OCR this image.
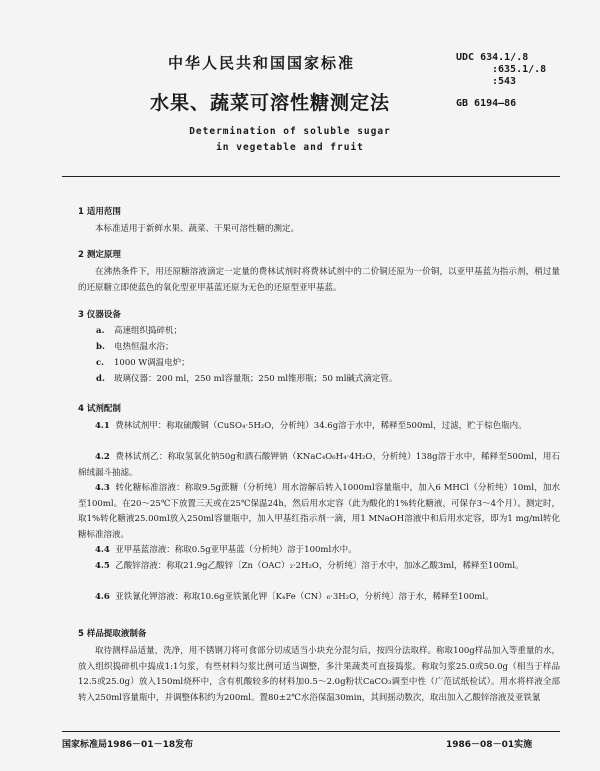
中华人民共和国国家标准	UDC 634.1/.8
:635.1/.8
:543
水果、蔬菜可溶性糖测定法	GB 6194—86
Determination of soluble sugar
in vegetable and fruit
1 适用范围
本标准适用于新鲜水果、蔬菜、干果可溶性糖的测定。
2 测定原理
在沸热条件下，用还原糖溶液滴定一定量的费林试剂时将费林试剂中的二价铜还原为一价铜，以亚甲基蓝为指示剂，稍过量的还原糖立即使蓝色的氧化型亚甲基蓝还原为无色的还原型亚甲基蓝。
3 仪器设备
a. 高速组织捣碎机；
b. 电热恒温水浴；
c. 1000 W调温电炉；
d. 玻璃仪器：200 ml，250 ml容量瓶；250 ml锥形瓶；50 ml碱式滴定管。
4 试剂配制
4.1 费林试剂甲：称取硫酸铜（CuSO₄·5H₂O，分析纯）34.6g溶于水中，稀释至500ml，过滤，贮于棕色瓶内。
4.2 费林试剂乙：称取氢氧化钠50g和酒石酸钾钠（KNaC₄O₆H₄·4H₂O，分析纯）138g溶于水中，稀释至500ml，用石棉绒漏斗抽滤。
4.3 转化糖标准溶液：称取9.5g蔗糖（分析纯）用水溶解后转入1000ml容量瓶中，加入6 MHCl（分析纯）10ml，加水至100ml。在20～25℃下放置三天或在25℃保温24h，然后用水定容（此为酸化的1%转化糖液，可保存3～4个月）。测定时，取1%转化糖液25.00ml放入250ml容量瓶中，加入甲基红指示剂一滴，用1 MNaOH溶液中和后用水定容，即为1 mg/ml转化糖标准溶液。
4.4 亚甲基蓝溶液：称取0.5g亚甲基蓝（分析纯）溶于100ml水中。
4.5 乙酸锌溶液：称取21.9g乙酸锌〔Zn（OAC）₂·2H₂O，分析纯〕溶于水中，加冰乙酸3ml，稀释至100ml。
4.6 亚铁氰化钾溶液：称取10.6g亚铁氰化钾〔K₄Fe（CN）₆·3H₂O，分析纯〕溶于水，稀释至100ml。
5 样品提取液制备
取待测样品适量，洗净，用不锈钢刀将可食部分切成适当小块充分混匀后，按四分法取样。称取100g样品加入等重量的水，放入组织捣碎机中捣成1:1匀浆，有些材料匀浆比例可适当调整，多汁果蔬类可直接捣浆。称取匀浆25.0或50.0g（相当于样品12.5或25.0g）放入150ml烧杯中，含有机酸较多的材料加0.5～2.0g粉状CaCO₃调至中性（广范试纸检试）。用水将样液全部转入250ml容量瓶中，并调整体积约为200ml。置80±2℃水浴保温30min，其间摇动数次，取出加入乙酸锌溶液及亚铁氰
国家标准局1986－01－18发布	1986－08－01实施
